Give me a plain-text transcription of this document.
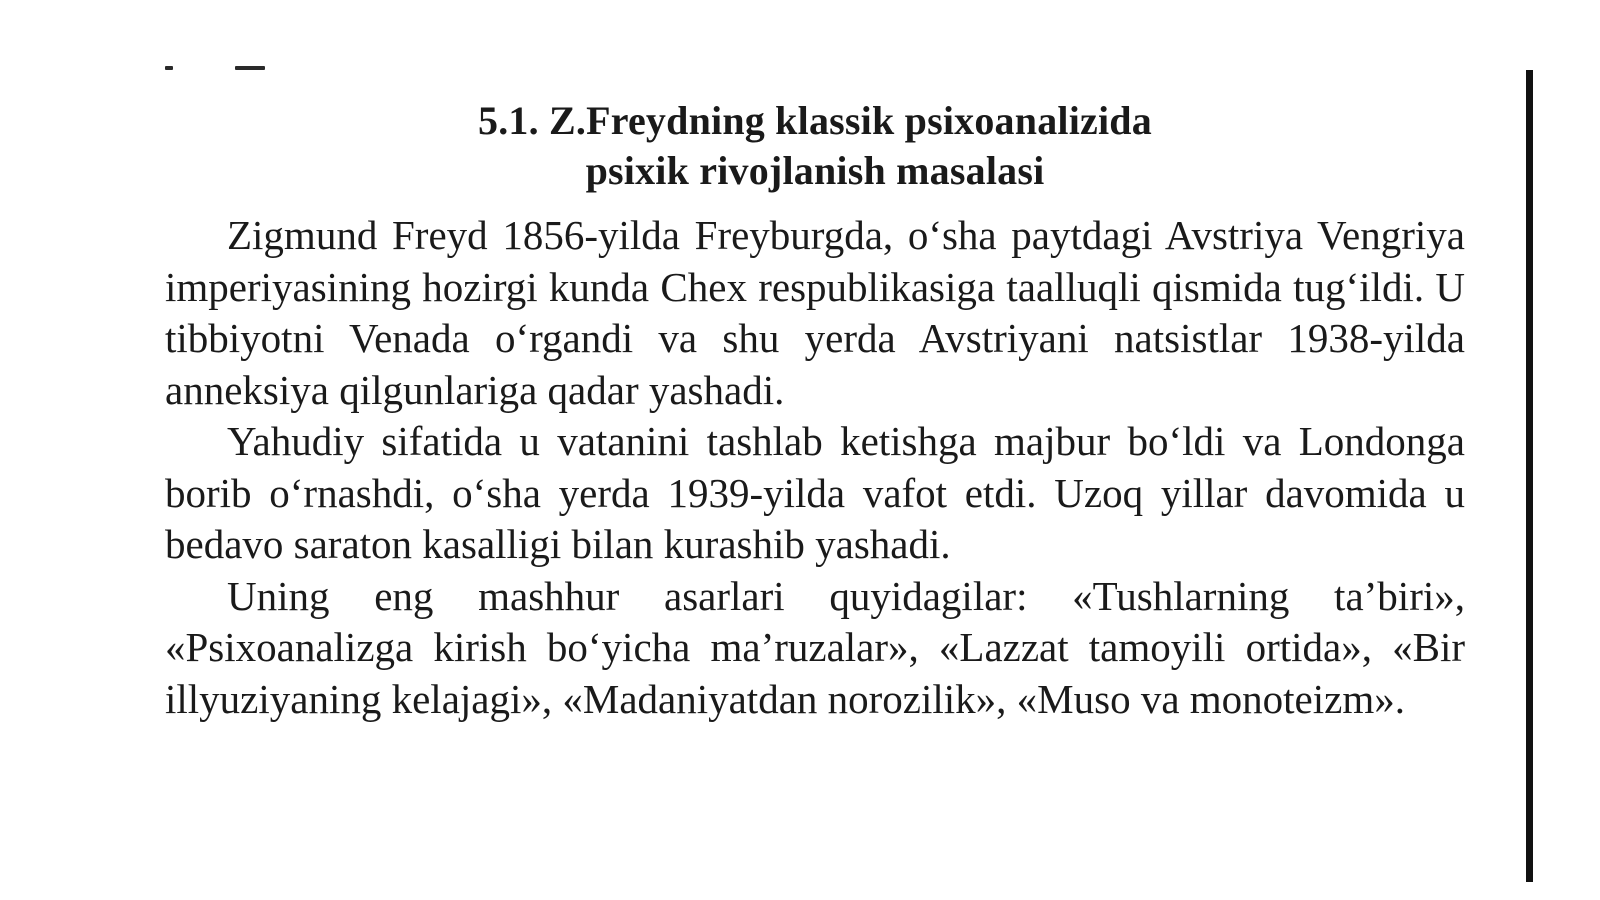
5.1. Z.Freydning klassik psixoanalizida
psixik rivojlanish masalasi

Zigmund Freyd 1856-yilda Freyburgda, o‘sha paytdagi Avstriya Vengriya imperiyasining hozirgi kunda Chex respublikasiga taalluqli qismida tug‘ildi. U tibbiyotni Venada o‘rgandi va shu yerda Avstriyani natsistlar 1938-yilda anneksiya qilgunlariga qadar yashadi.

Yahudiy sifatida u vatanini tashlab ketishga majbur bo‘ldi va Londonga borib o‘rnashdi, o‘sha yerda 1939-yilda vafot etdi. Uzoq yillar davomida u bedavo saraton kasalligi bilan kurashib yashadi.

Uning eng mashhur asarlari quyidagilar: «Tushlarning ta’biri», «Psixoanalizga kirish bo‘yicha ma’ruzalar», «Lazzat tamoyili ortida», «Bir illyuziyaning kelajagi», «Madaniyatdan norozilik», «Muso va monoteizm».
